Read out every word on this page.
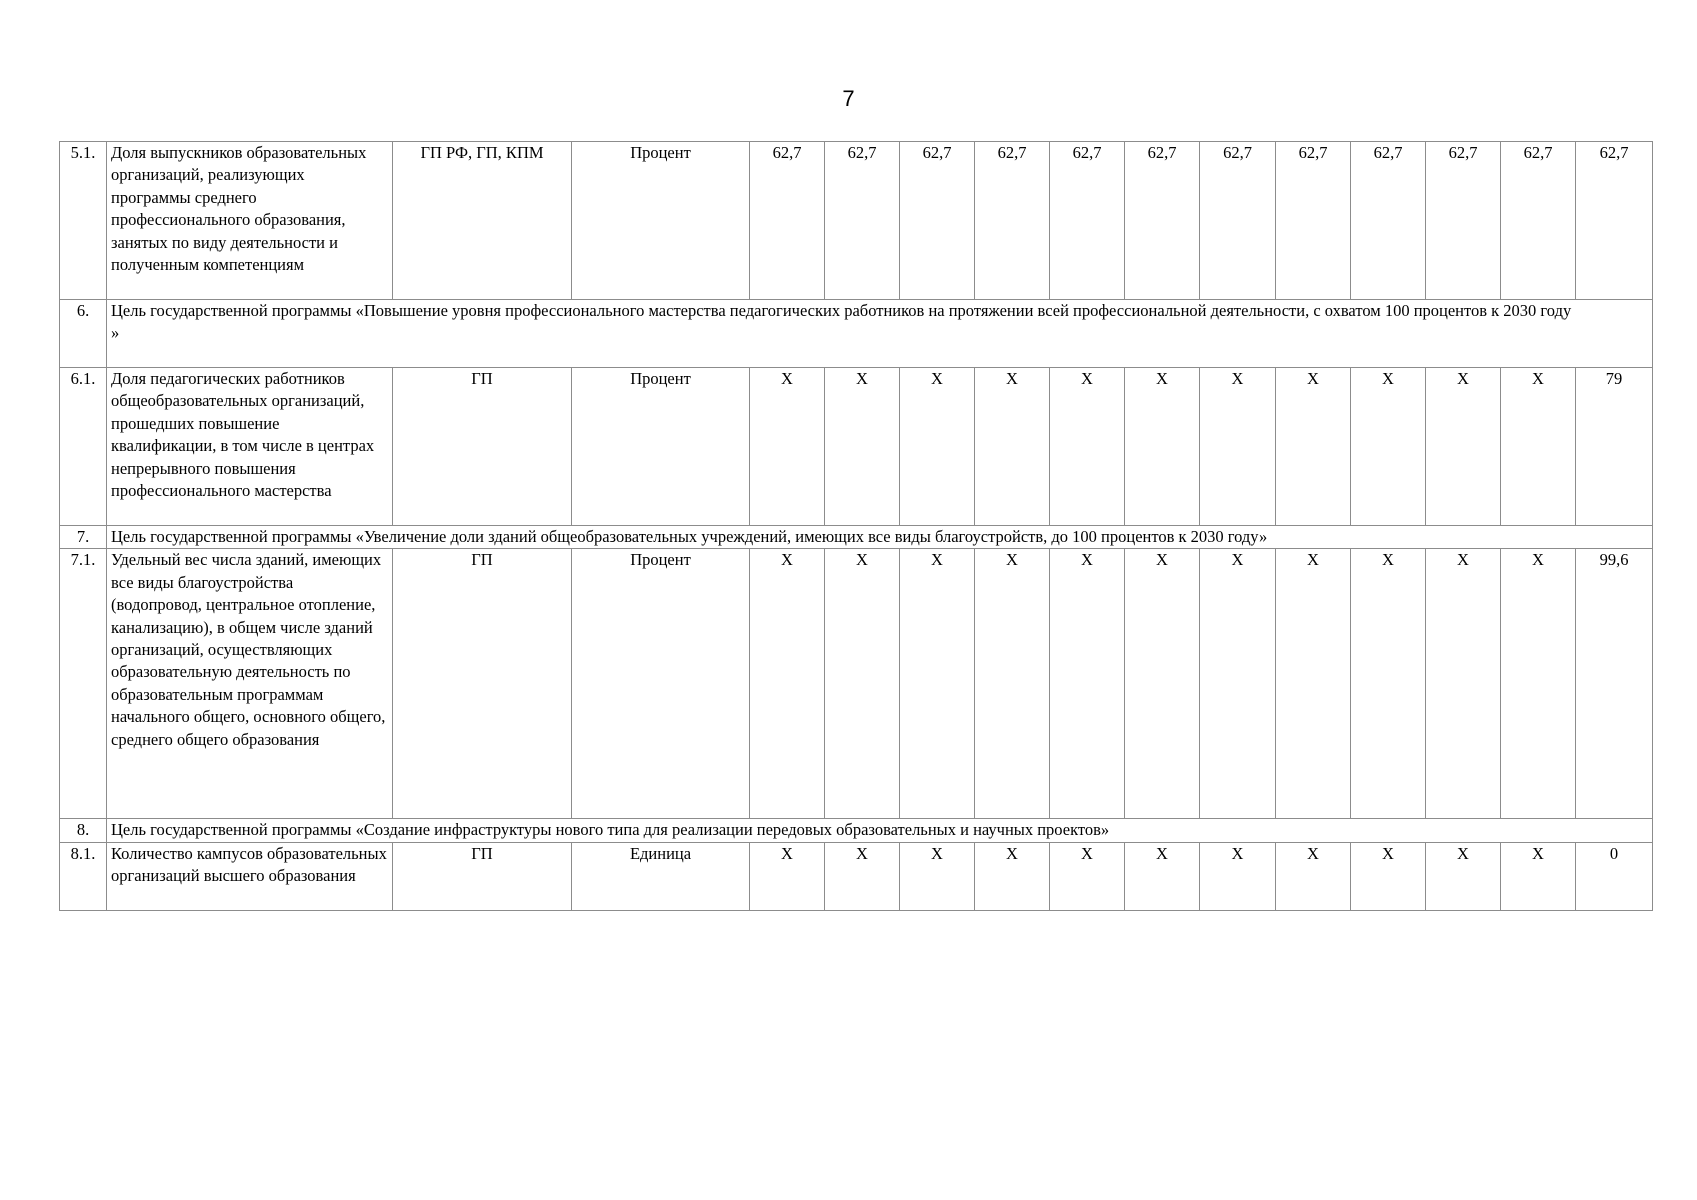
7
5.1.	Доля выпускников образовательных организаций, реализующих программы среднего профессионального образования, занятых по виду деятельности и полученным компетенциям	ГП РФ, ГП, КПМ	Процент	62,7	62,7	62,7	62,7	62,7	62,7	62,7	62,7	62,7	62,7	62,7	62,7
6.	Цель государственной программы «Повышение уровня профессионального мастерства педагогических работников на протяжении всей профессиональной деятельности, с охватом 100 процентов к 2030 году
»														
6.1.	Доля педагогических работников общеобразовательных организаций, прошедших повышение квалификации, в том числе в центрах непрерывного повышения профессионального мастерства	ГП	Процент	Х	Х	Х	Х	Х	Х	Х	Х	Х	Х	Х	79
7.	Цель государственной программы «Увеличение доли зданий общеобразовательных учреждений, имеющих все виды благоустройств, до 100 процентов к 2030 году»														
7.1.	Удельный вес числа зданий, имеющих все виды благоустройства (водопровод, центральное отопление, канализацию), в общем числе зданий организаций, осуществляющих образовательную деятельность по образовательным программам начального общего, основного общего, среднего общего образования	ГП	Процент	Х	Х	Х	Х	Х	Х	Х	Х	Х	Х	Х	99,6
8.	Цель государственной программы «Создание инфраструктуры нового типа для реализации передовых образовательных и научных проектов»														
8.1.	Количество кампусов образовательных организаций высшего образования	ГП	Единица	Х	Х	Х	Х	Х	Х	Х	Х	Х	Х	Х	0
